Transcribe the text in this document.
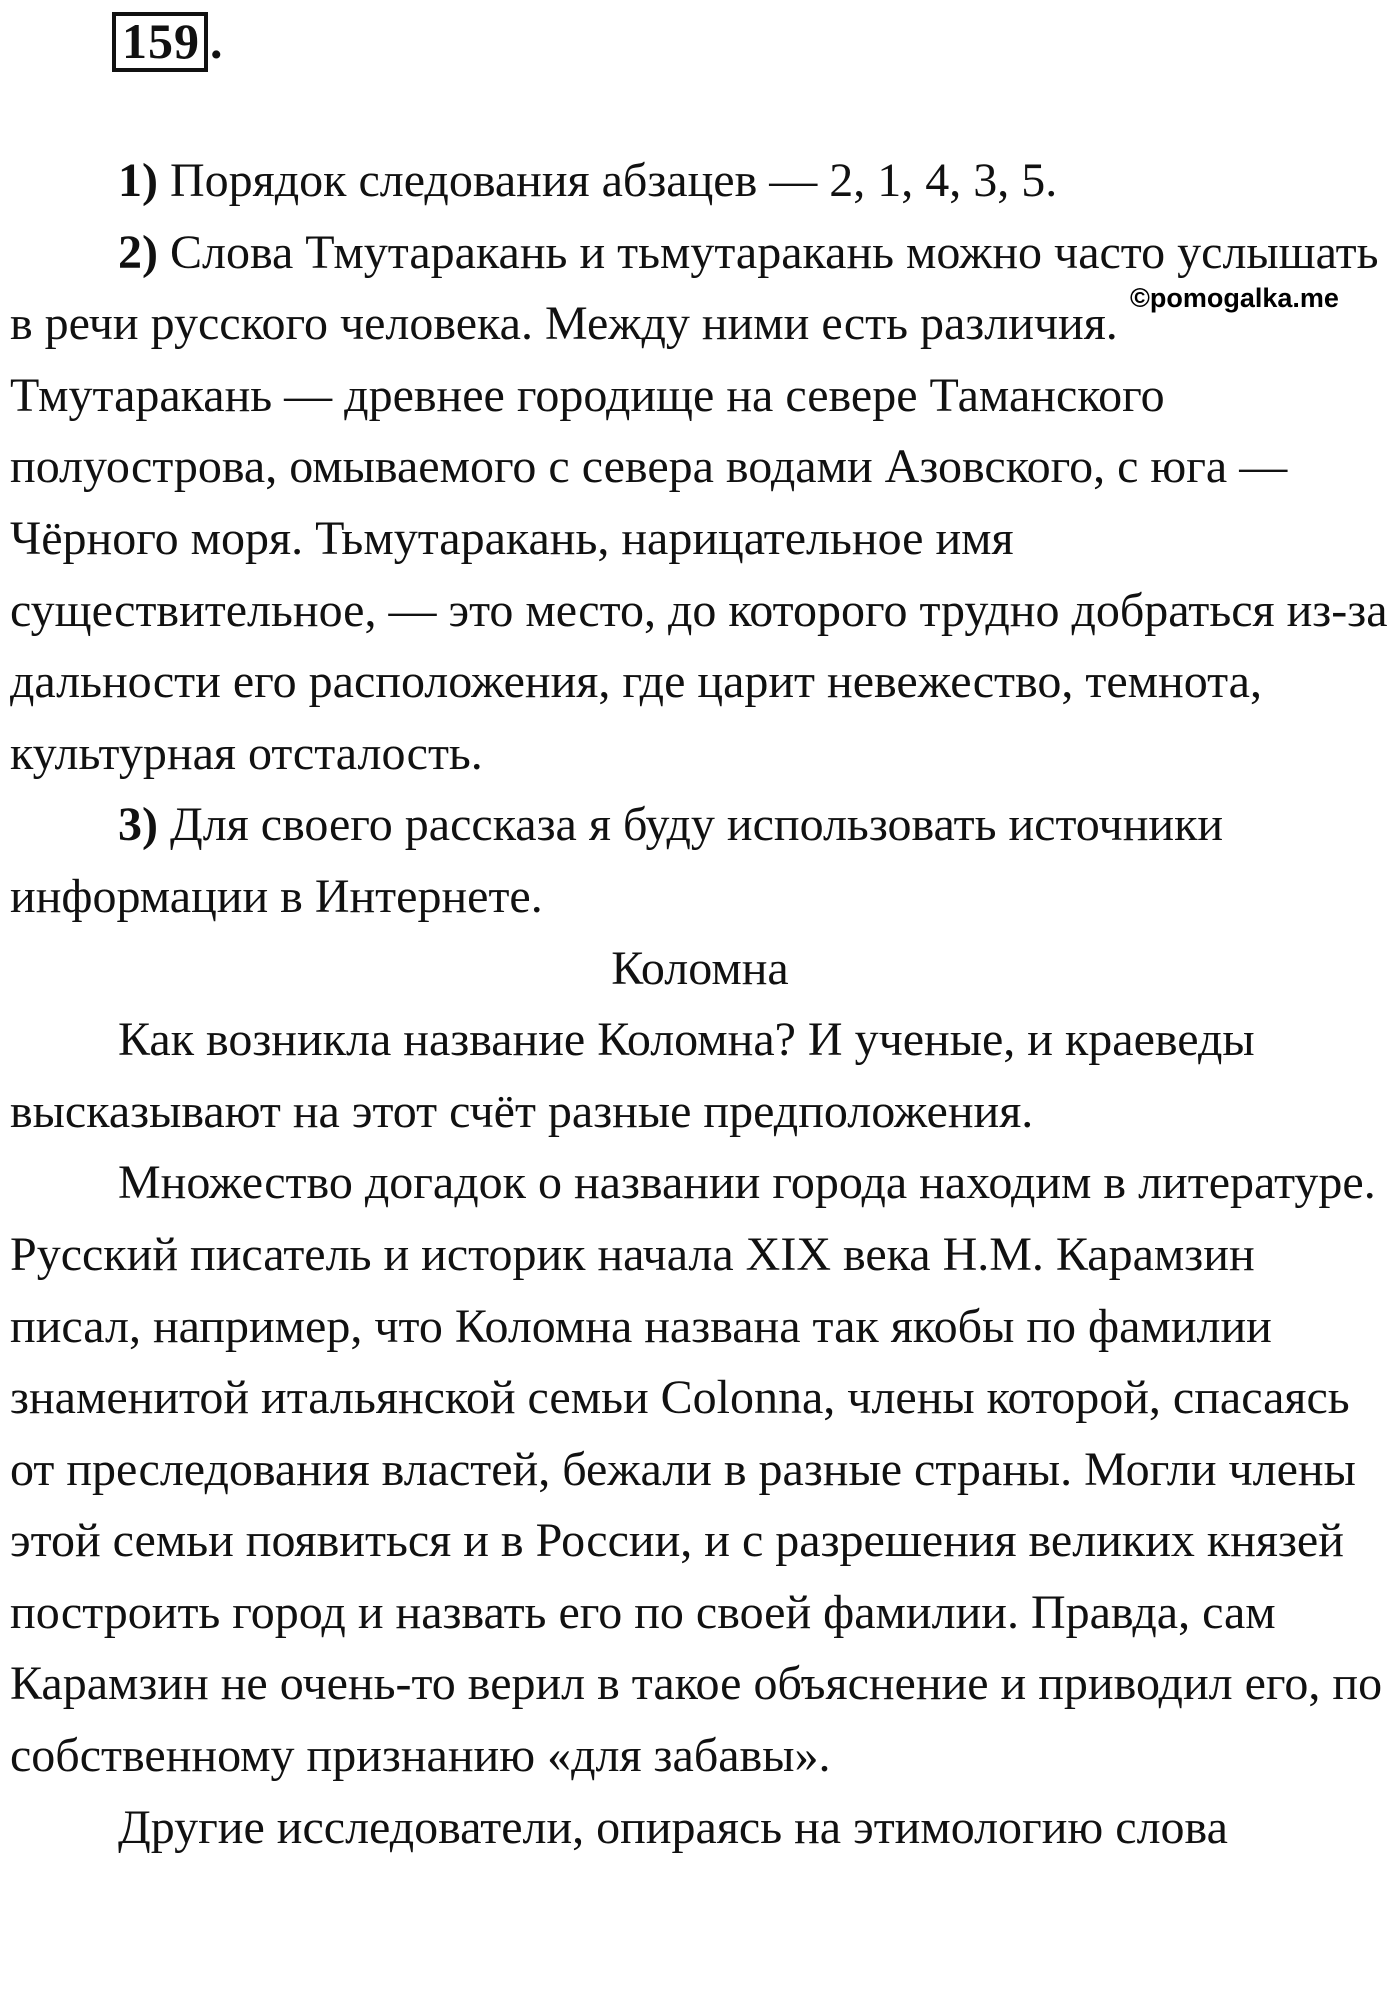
159 .

1) Порядок следования абзацев — 2, 1, 4, 3, 5.

2) Слова Тмутаракань и тьмутаракань можно часто услышать в речи русского человека. Между ними есть различия. Тмутаракань — древнее городище на севере Таманского полуострова, омываемого с севера водами Азовского, с юга — Чёрного моря. Тьмутаракань, нарицательное имя существительное, — это место, до которого трудно добраться из-за дальности его расположения, где царит невежество, темнота, культурная отсталость.

3) Для своего рассказа я буду использовать источники информации в Интернете.

Коломна

Как возникла название Коломна? И ученые, и краеведы высказывают на этот счёт разные предположения.

Множество догадок о названии города находим в литературе. Русский писатель и историк начала XIX века Н.М. Карамзин писал, например, что Коломна названа так якобы по фамилии знаменитой итальянской семьи Colonna, члены которой, спасаясь от преследования властей, бежали в разные страны. Могли члены этой семьи появиться и в России, и с разрешения великих князей построить город и назвать его по своей фамилии. Правда, сам Карамзин не очень-то верил в такое объяснение и приводил его, по собственному признанию «для забавы».

Другие исследователи, опираясь на этимологию слова

©pomogalka.me
